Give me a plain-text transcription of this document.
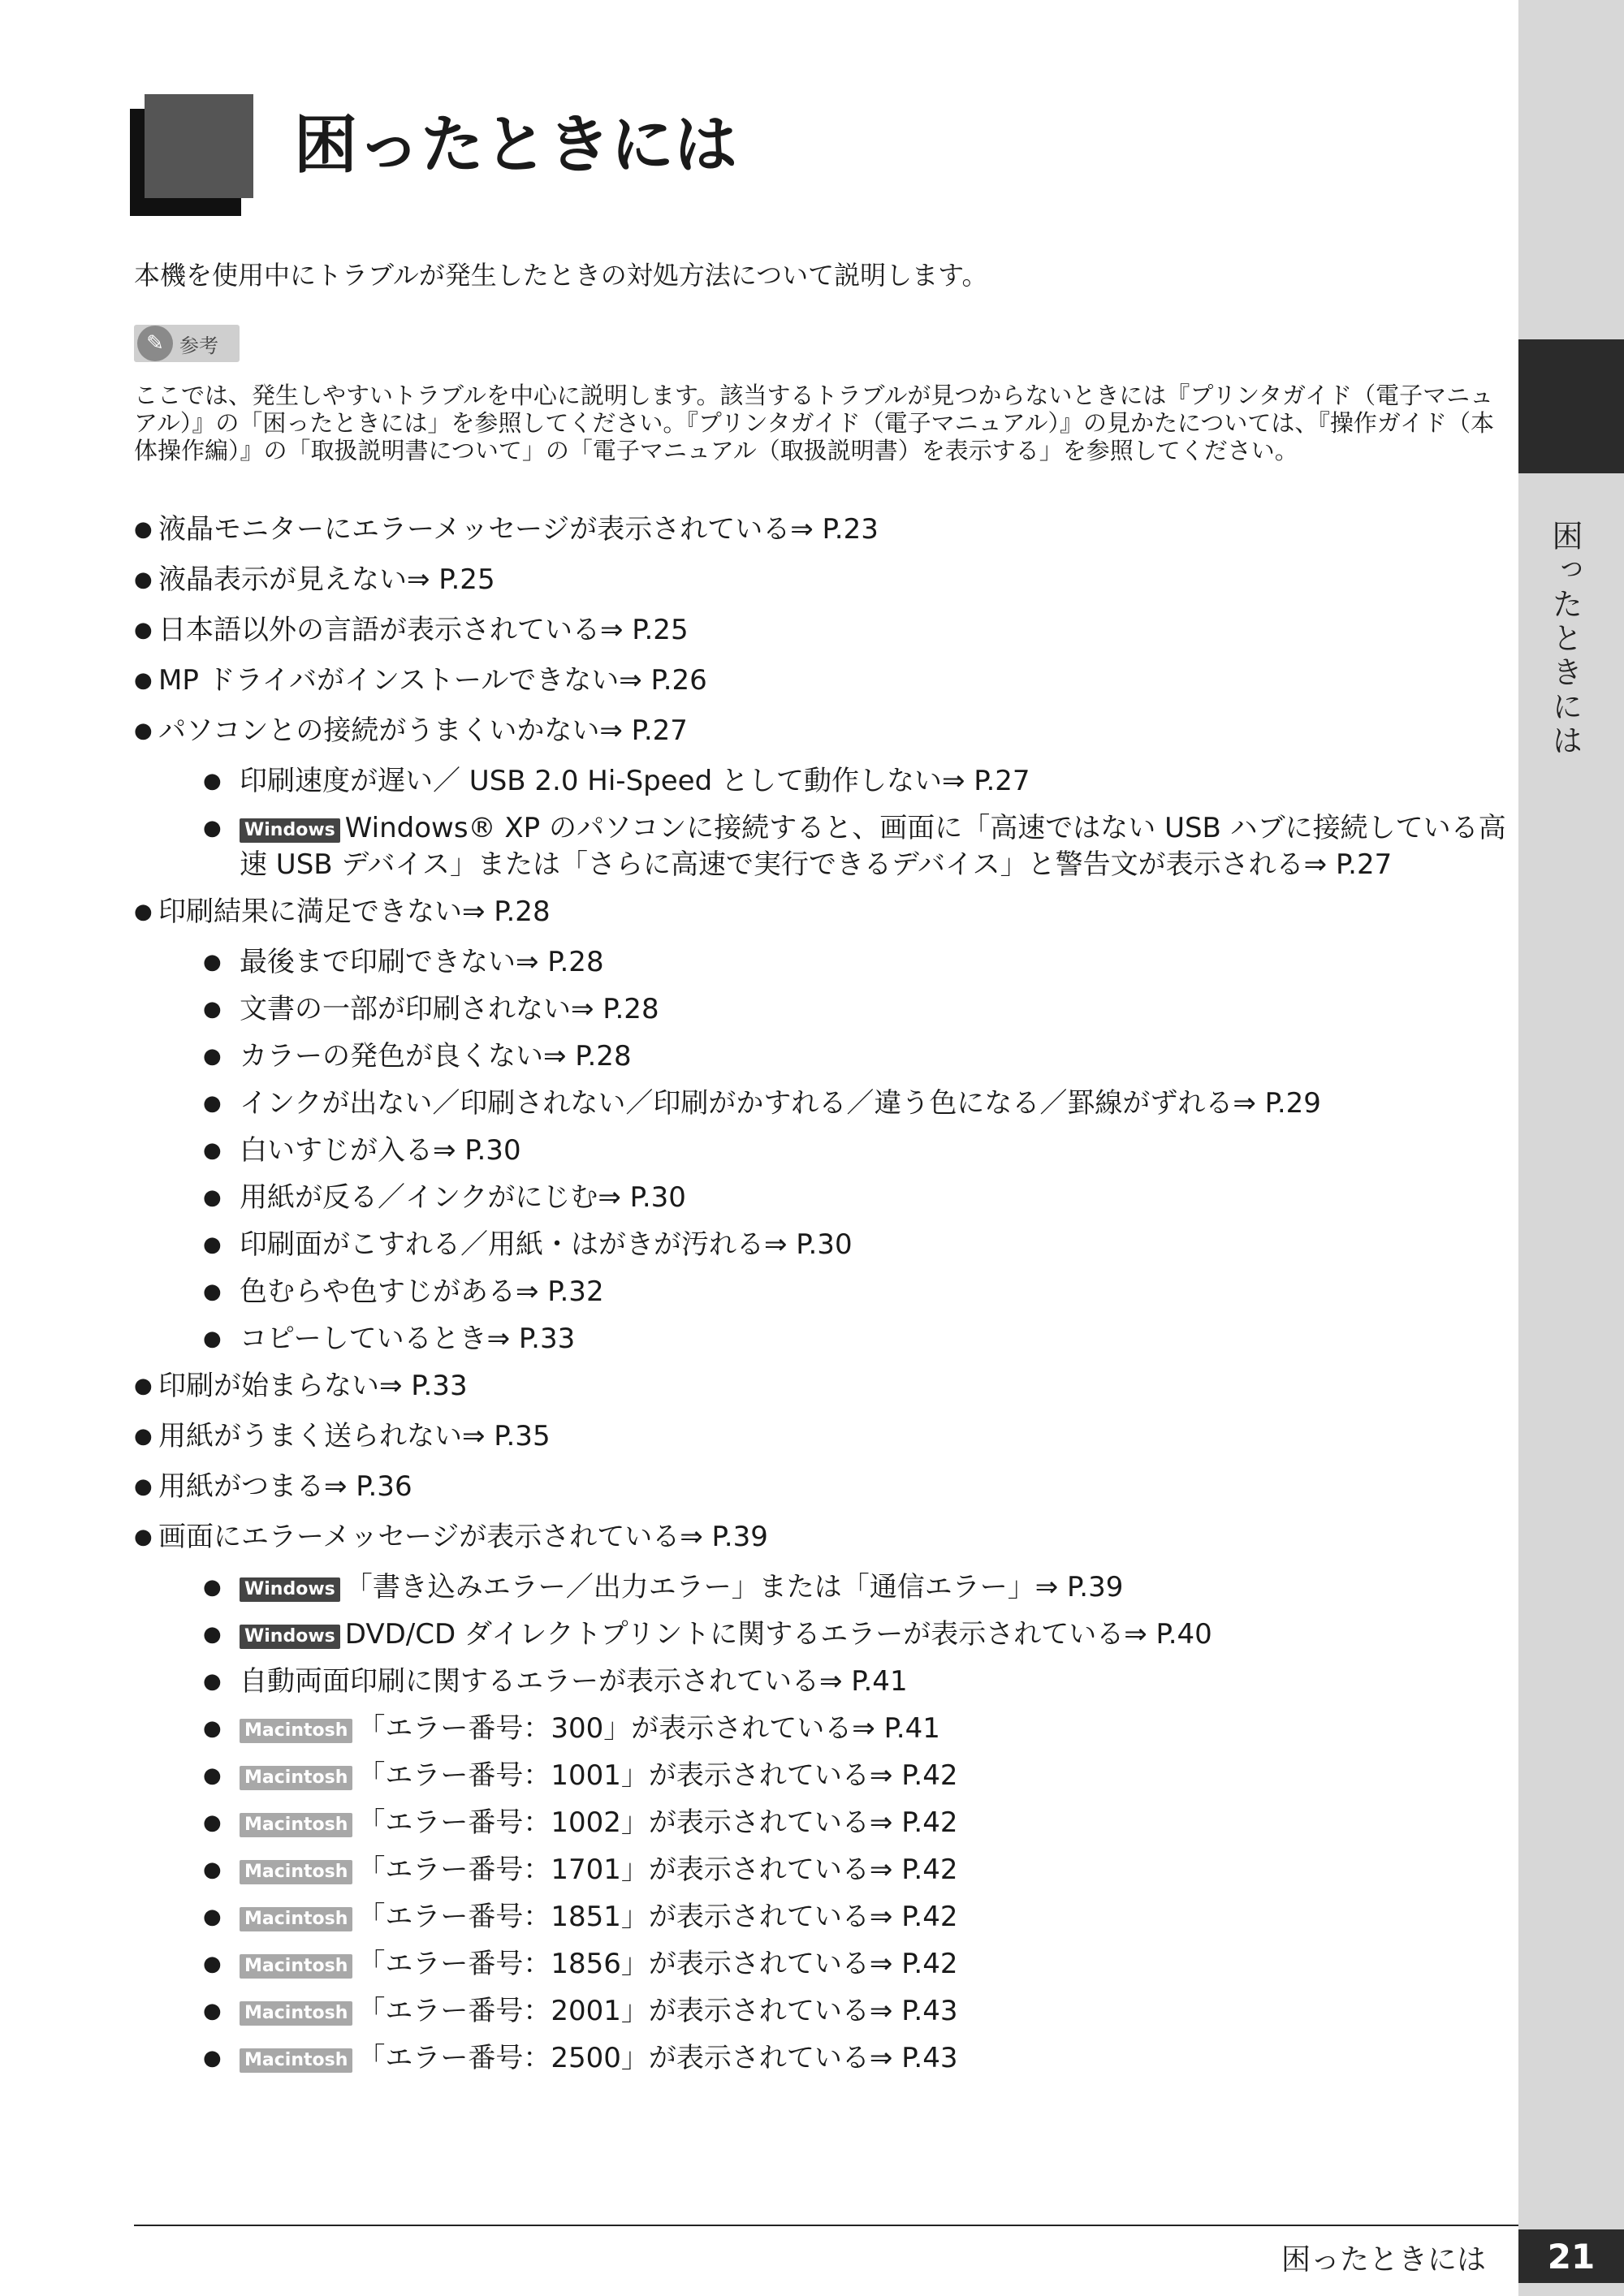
困ったときには
困ったときには

本機を使用中にトラブルが発生したときの対処方法について説明します。

✎ 参考

ここでは、発生しやすいトラブルを中心に説明します。該当するトラブルが見つからないときには『プリンタガイド（電子マニュアル）』の「困ったときには」を参照してください。『プリンタガイド（電子マニュアル）』の見かたについては、『操作ガイド（本体操作編）』の「取扱説明書について」の「電子マニュアル（取扱説明書）を表示する」を参照してください。

● 液晶モニターにエラーメッセージが表示されている⇒ P.23
● 液晶表示が見えない⇒ P.25
● 日本語以外の言語が表示されている⇒ P.25
● MP ドライバがインストールできない⇒ P.26
● パソコンとの接続がうまくいかない⇒ P.27
● 印刷速度が遅い／ USB 2.0 Hi-Speed として動作しない⇒ P.27
● Windows Windows® XP のパソコンに接続すると、画面に「高速ではない USB ハブに接続している高速 USB デバイス」または「さらに高速で実行できるデバイス」と警告文が表示される⇒ P.27
● 印刷結果に満足できない⇒ P.28
● 最後まで印刷できない⇒ P.28
● 文書の一部が印刷されない⇒ P.28
● カラーの発色が良くない⇒ P.28
● インクが出ない／印刷されない／印刷がかすれる／違う色になる／罫線がずれる⇒ P.29
● 白いすじが入る⇒ P.30
● 用紙が反る／インクがにじむ⇒ P.30
● 印刷面がこすれる／用紙・はがきが汚れる⇒ P.30
● 色むらや色すじがある⇒ P.32
● コピーしているとき⇒ P.33
● 印刷が始まらない⇒ P.33
● 用紙がうまく送られない⇒ P.35
● 用紙がつまる⇒ P.36
● 画面にエラーメッセージが表示されている⇒ P.39
● Windows 「書き込みエラー／出力エラー」または「通信エラー」⇒ P.39
● Windows DVD/CD ダイレクトプリントに関するエラーが表示されている⇒ P.40
● 自動両面印刷に関するエラーが表示されている⇒ P.41
● Macintosh 「エラー番号：300」が表示されている⇒ P.41
● Macintosh 「エラー番号：1001」が表示されている⇒ P.42
● Macintosh 「エラー番号：1002」が表示されている⇒ P.42
● Macintosh 「エラー番号：1701」が表示されている⇒ P.42
● Macintosh 「エラー番号：1851」が表示されている⇒ P.42
● Macintosh 「エラー番号：1856」が表示されている⇒ P.42
● Macintosh 「エラー番号：2001」が表示されている⇒ P.43
● Macintosh 「エラー番号：2500」が表示されている⇒ P.43
困ったときには	21
